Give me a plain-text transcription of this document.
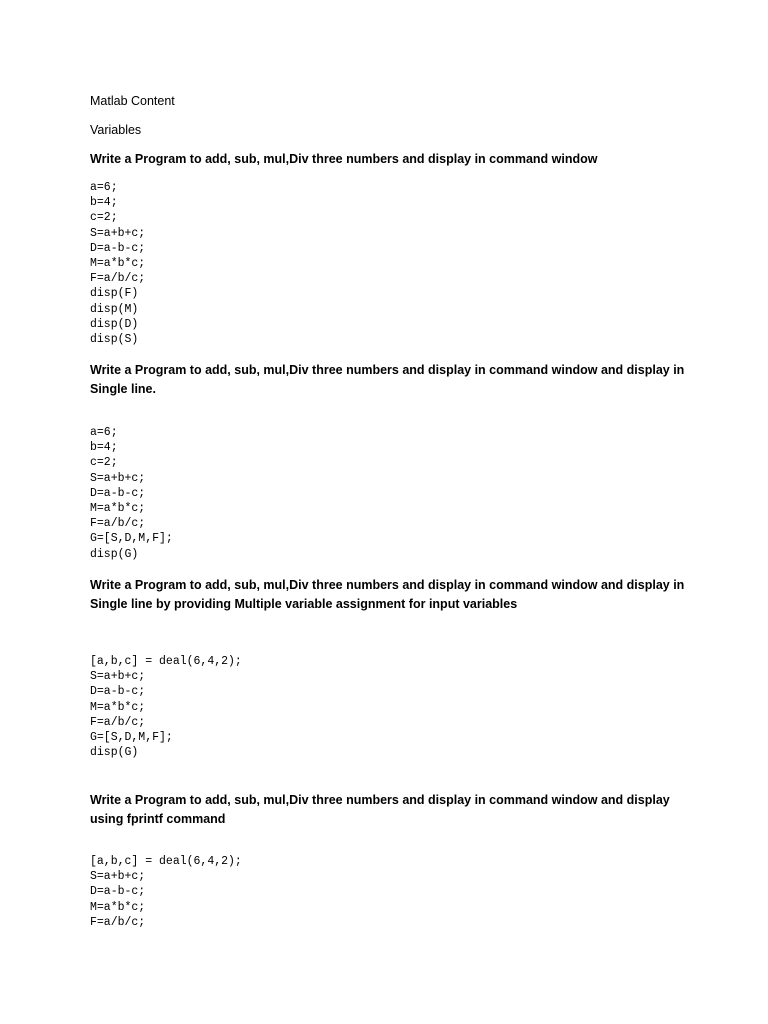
Matlab Content
Variables
Write a Program to add, sub, mul,Div three numbers and display in command window
a=6;
b=4;
c=2;
S=a+b+c;
D=a-b-c;
M=a*b*c;
F=a/b/c;
disp(F)
disp(M)
disp(D)
disp(S)
Write a Program to add, sub, mul,Div three numbers and display in command window and display in
Single line.
a=6;
b=4;
c=2;
S=a+b+c;
D=a-b-c;
M=a*b*c;
F=a/b/c;
G=[S,D,M,F];
disp(G)
Write a Program to add, sub, mul,Div three numbers and display in command window and display in
Single line by providing Multiple variable assignment for input variables
[a,b,c] = deal(6,4,2);
S=a+b+c;
D=a-b-c;
M=a*b*c;
F=a/b/c;
G=[S,D,M,F];
disp(G)
Write a Program to add, sub, mul,Div three numbers and display in command window and display
using fprintf command
[a,b,c] = deal(6,4,2);
S=a+b+c;
D=a-b-c;
M=a*b*c;
F=a/b/c;
